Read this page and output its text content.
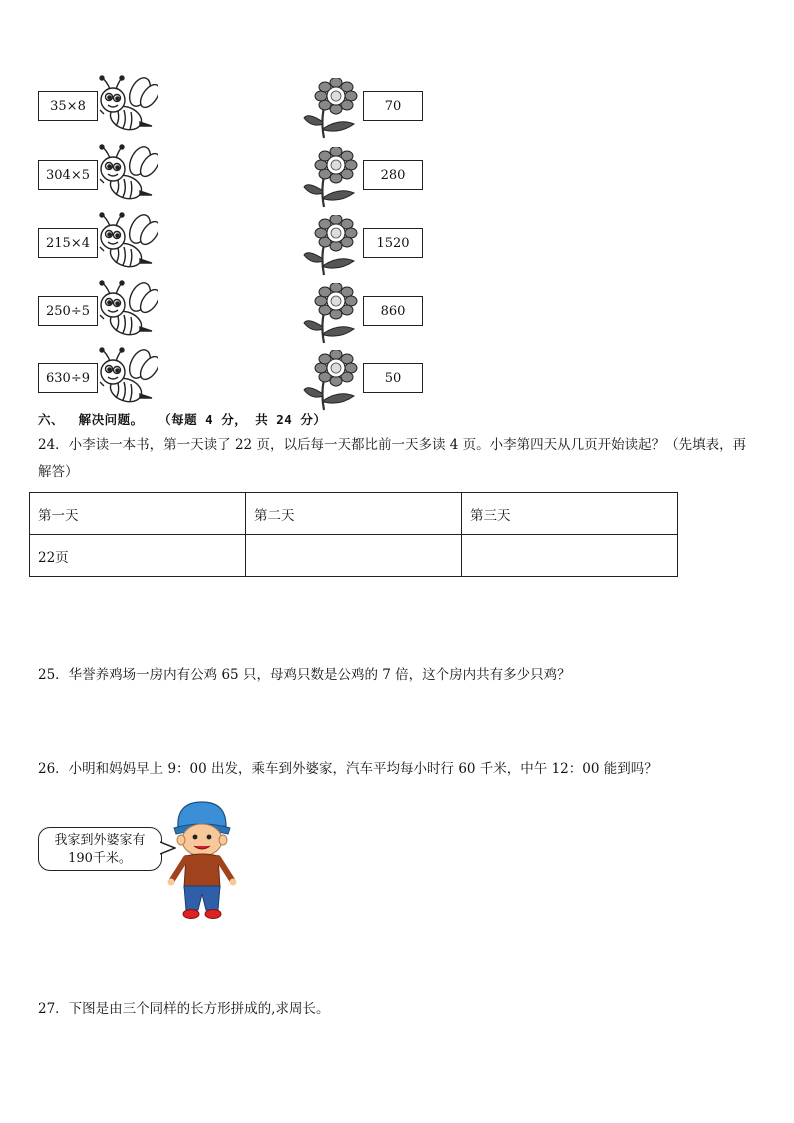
35×8	70
304×5	280
215×4	1520
250÷5	860
630÷9	50
六、 解决问题。 （每题 4 分， 共 24 分）
24．小李读一本书，第一天读了 22 页，以后每一天都比前一天多读 4 页。小李第四天从几页开始读起？（先填表，再解答）
第一天	第二天	第三天
22页		
25．华誉养鸡场一房内有公鸡 65 只，母鸡只数是公鸡的 7 倍，这个房内共有多少只鸡？
26．小明和妈妈早上 9：00 出发，乘车到外婆家，汽车平均每小时行 60 千米，中午 12：00 能到吗？
我家到外婆家有
190千米。
27．下图是由三个同样的长方形拼成的,求周长。
